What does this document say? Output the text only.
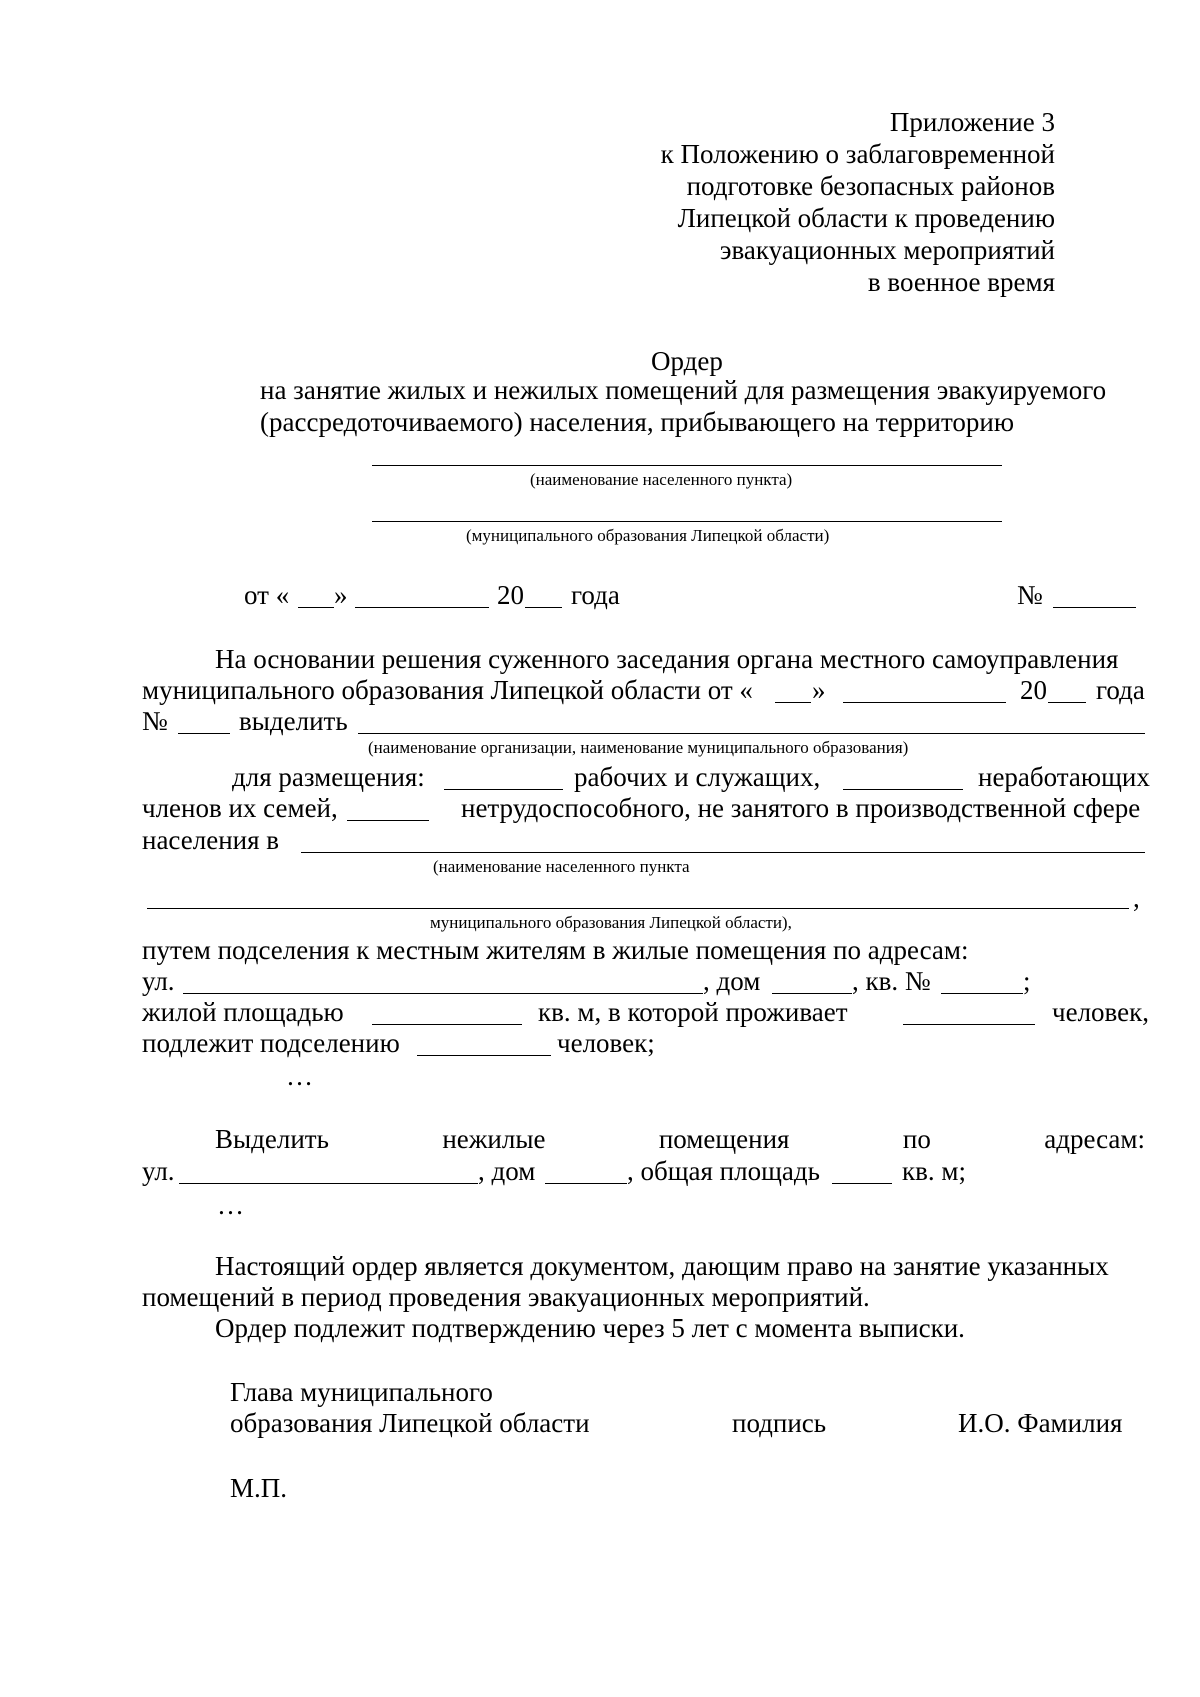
Приложение 3
к Положению о заблаговременной
подготовке безопасных районов
Липецкой области к проведению
эвакуационных мероприятий
в военное время
Ордер
на занятие жилых и нежилых помещений для размещения эвакуируемого
(рассредоточиваемого) населения, прибывающего на территорию
(наименование населенного пункта)
(муниципального образования Липецкой области)
от « »	20 года	№
На основании решения суженного заседания органа местного самоуправления
муниципального образования Липецкой области от « »	20 года
№	выделить
(наименование организации, наименование муниципального образования)
для размещения:	рабочих и служащих,	неработающих
членов их семей,	нетрудоспособного, не занятого в производственной сфере
населения в
(наименование населенного пункта
,
муниципального образования Липецкой области),
путем подселения к местным жителям в жилые помещения по адресам:
ул.	, дом	, кв. №	;
жилой площадью	кв. м, в которой проживает	человек,
подлежит подселению	человек;
…
Выделить	нежилые	помещения	по	адресам:
ул.	, дом	, общая площадь	кв. м;
…
Настоящий ордер является документом, дающим право на занятие указанных
помещений в период проведения эвакуационных мероприятий.
Ордер подлежит подтверждению через 5 лет с момента выписки.
Глава муниципального
образования Липецкой области	подпись	И.О. Фамилия
М.П.
